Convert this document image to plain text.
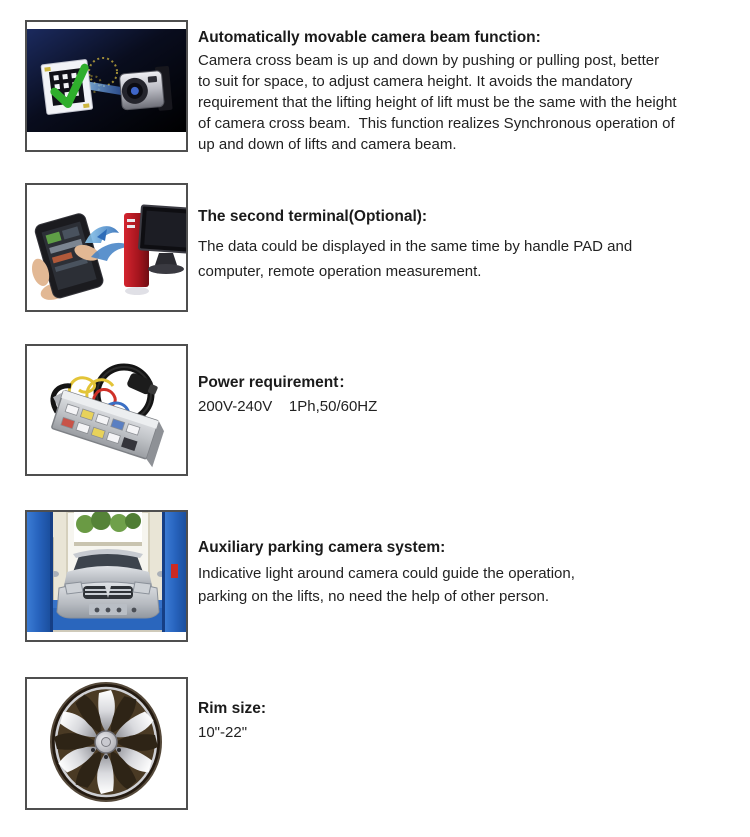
Automatically movable camera beam function:
Camera cross beam is up and down by pushing or pulling post, better
to suit for space, to adjust camera height. It avoids the mandatory
requirement that the lifting height of lift must be the same with the height
of camera cross beam.  This function realizes Synchronous operation of
up and down of lifts and camera beam.
The second terminal(Optional):
The data could be displayed in the same time by handle PAD and
computer, remote operation measurement.
Power requirement：
200V-240V    1Ph,50/60HZ
Auxiliary parking camera system:
Indicative light around camera could guide the operation,
parking on the lifts, no need the help of other person.
Rim size:
10"-22"
